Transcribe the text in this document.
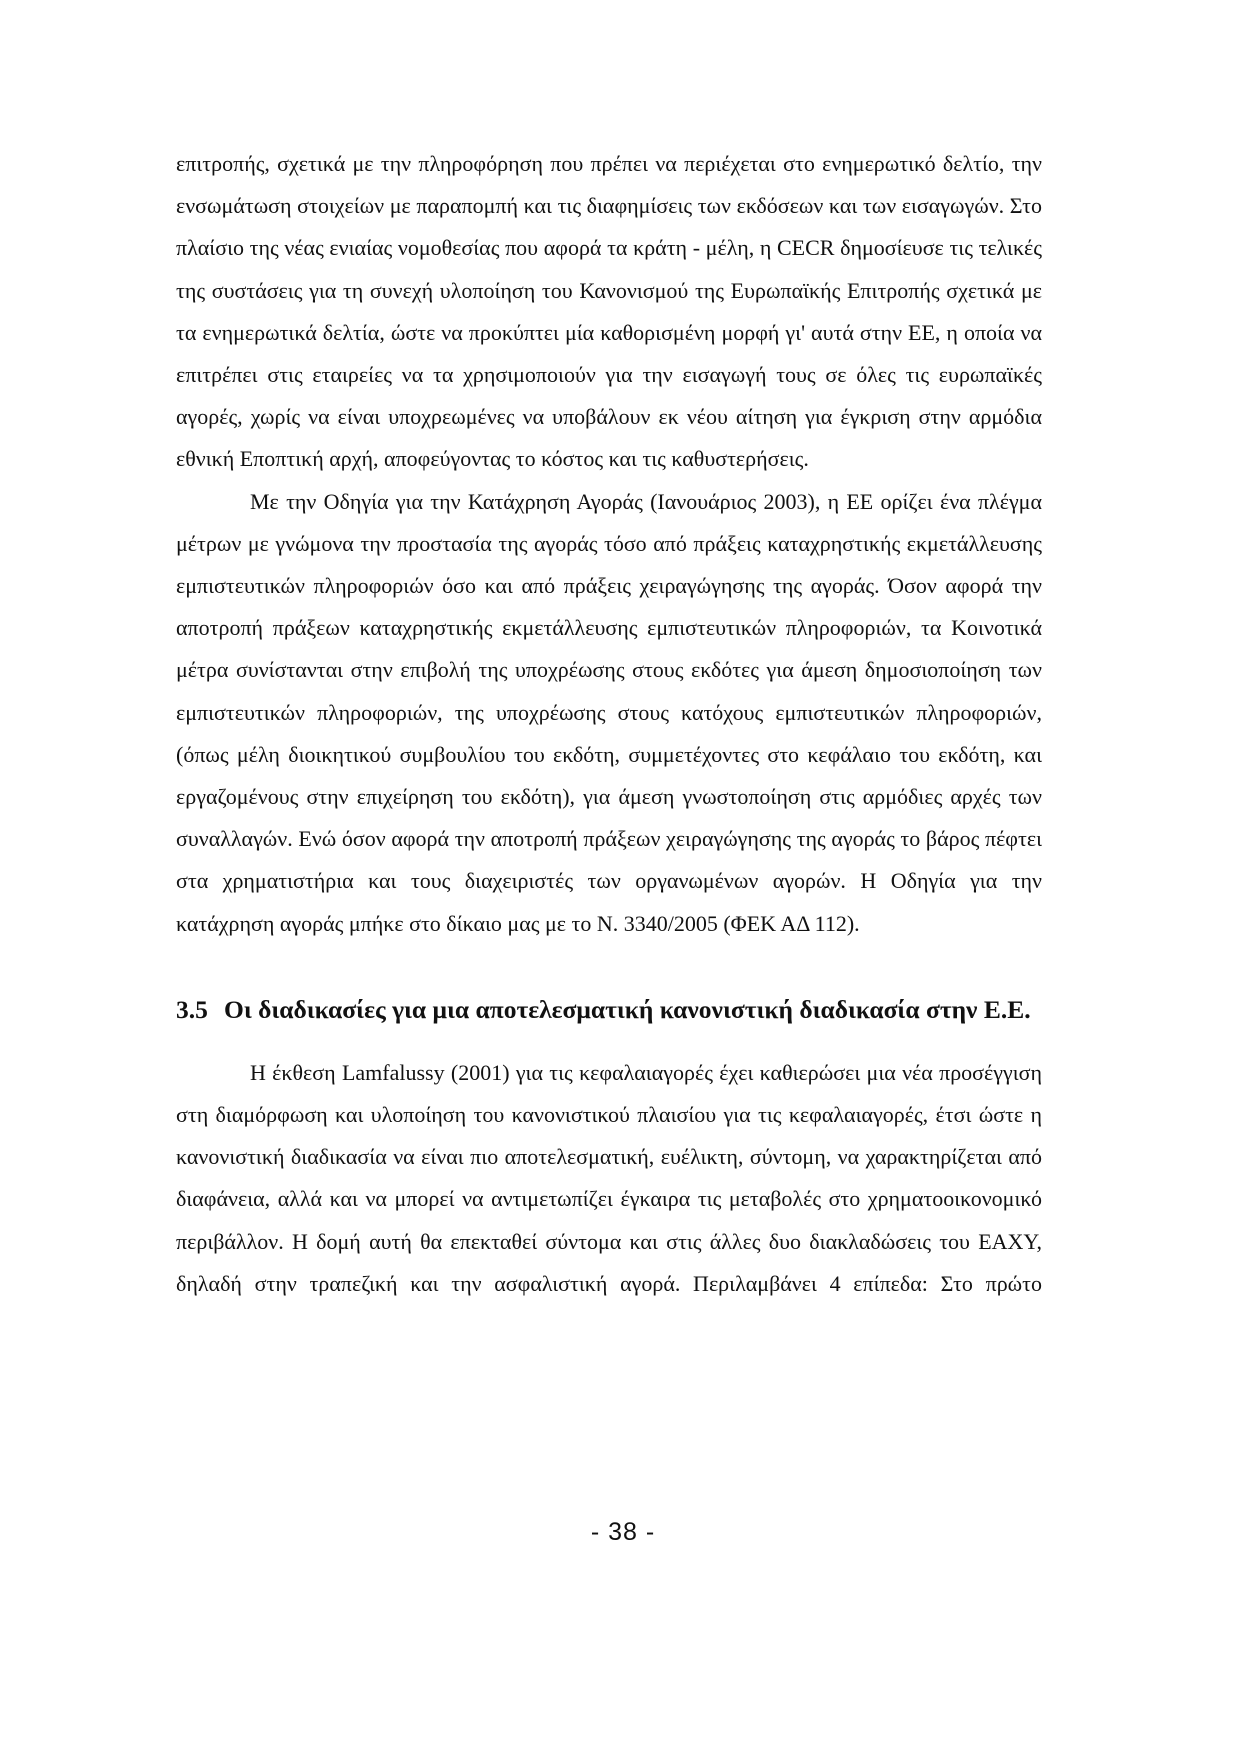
επιτροπής, σχετικά με την πληροφόρηση που πρέπει να περιέχεται στο ενημερωτικό δελτίο, την ενσωμάτωση στοιχείων με παραπομπή και τις διαφημίσεις των εκδόσεων και των εισαγωγών. Στο πλαίσιο της νέας ενιαίας νομοθεσίας που αφορά τα κράτη - μέλη, η CECR δημοσίευσε τις τελικές της συστάσεις για τη συνεχή υλοποίηση του Κανονισμού της Ευρωπαϊκής Επιτροπής σχετικά με τα ενημερωτικά δελτία, ώστε να προκύπτει μία καθορισμένη μορφή γι' αυτά στην ΕΕ, η οποία να επιτρέπει στις εταιρείες να τα χρησιμοποιούν για την εισαγωγή τους σε όλες τις ευρωπαϊκές αγορές, χωρίς να είναι υποχρεωμένες να υποβάλουν εκ νέου αίτηση για έγκριση στην αρμόδια εθνική Εποπτική αρχή, αποφεύγοντας το κόστος και τις καθυστερήσεις.

Με την Οδηγία για την Κατάχρηση Αγοράς (Ιανουάριος 2003), η ΕΕ ορίζει ένα πλέγμα μέτρων με γνώμονα την προστασία της αγοράς τόσο από πράξεις καταχρηστικής εκμετάλλευσης εμπιστευτικών πληροφοριών όσο και από πράξεις χειραγώγησης της αγοράς. Όσον αφορά την αποτροπή πράξεων καταχρηστικής εκμετάλλευσης εμπιστευτικών πληροφοριών, τα Κοινοτικά μέτρα συνίστανται στην επιβολή της υποχρέωσης στους εκδότες για άμεση δημοσιοποίηση των εμπιστευτικών πληροφοριών, της υποχρέωσης στους κατόχους εμπιστευτικών πληροφοριών, (όπως μέλη διοικητικού συμβουλίου του εκδότη, συμμετέχοντες στο κεφάλαιο του εκδότη, και εργαζομένους στην επιχείρηση του εκδότη), για άμεση γνωστοποίηση στις αρμόδιες αρχές των συναλλαγών. Ενώ όσον αφορά την αποτροπή πράξεων χειραγώγησης της αγοράς το βάρος πέφτει στα χρηματιστήρια και τους διαχειριστές των οργανωμένων αγορών. Η Οδηγία για την κατάχρηση αγοράς μπήκε στο δίκαιο μας με το Ν. 3340/2005 (ΦΕΚ ΑΔ 112).

3.5 Οι διαδικασίες για μια αποτελεσματική κανονιστική διαδικασία στην Ε.Ε.

Η έκθεση Lamfalussy (2001) για τις κεφαλαιαγορές έχει καθιερώσει μια νέα προσέγγιση στη διαμόρφωση και υλοποίηση του κανονιστικού πλαισίου για τις κεφαλαιαγορές, έτσι ώστε η κανονιστική διαδικασία να είναι πιο αποτελεσματική, ευέλικτη, σύντομη, να χαρακτηρίζεται από διαφάνεια, αλλά και να μπορεί να αντιμετωπίζει έγκαιρα τις μεταβολές στο χρηματοοικονομικό περιβάλλον. Η δομή αυτή θα επεκταθεί σύντομα και στις άλλες δυο διακλαδώσεις του ΕΑΧΥ, δηλαδή στην τραπεζική και την ασφαλιστική αγορά. Περιλαμβάνει 4 επίπεδα: Στο πρώτο

- 38 -
